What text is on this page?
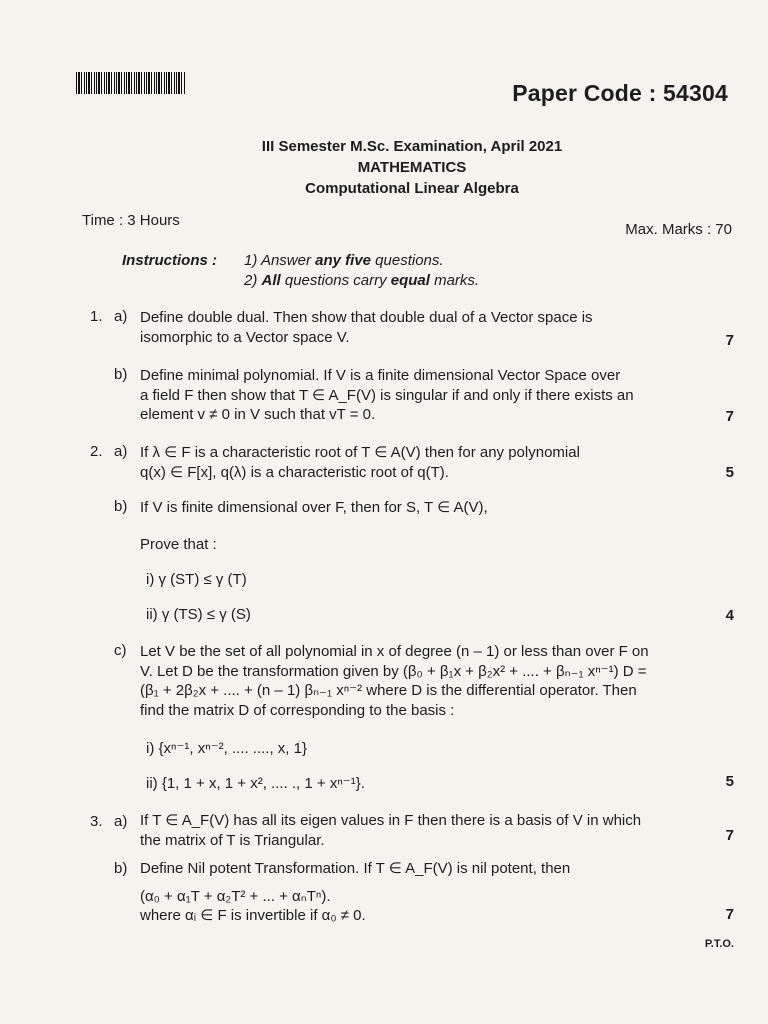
Paper Code : 54304
III Semester M.Sc. Examination, April 2021
MATHEMATICS
Computational Linear Algebra
Time : 3 Hours
Max. Marks : 70
Instructions : 1) Answer any five questions.
2) All questions carry equal marks.
1. a) Define double dual. Then show that double dual of a Vector space is
isomorphic to a Vector space V.	7
b) Define minimal polynomial. If V is a finite dimensional Vector Space over
a field F then show that T ∈ A_F(V) is singular if and only if there exists an
element v ≠ 0 in V such that vT = 0.	7
2. a) If λ ∈ F is a characteristic root of T ∈ A(V) then for any polynomial
q(x) ∈ F[x], q(λ) is a characteristic root of q(T).	5
b) If V is finite dimensional over F, then for S, T ∈ A(V),
Prove that :
i) γ (ST) ≤ γ (T)
ii) γ (TS) ≤ γ (S)	4
c) Let V be the set of all polynomial in x of degree (n – 1) or less than over F on
V. Let D be the transformation given by (β₀ + β₁x + β₂x² + .... + βₙ₋₁ xⁿ⁻¹) D =
(β₁ + 2β₂x + .... + (n – 1) βₙ₋₁ xⁿ⁻² where D is the differential operator. Then
find the matrix D of corresponding to the basis :
i) {xⁿ⁻¹, xⁿ⁻², .... ...., x, 1}
ii) {1, 1 + x, 1 + x², .... ., 1 + xⁿ⁻¹}.	5
3. a) If T ∈ A_F(V) has all its eigen values in F then there is a basis of V in which
the matrix of T is Triangular.	7
b) Define Nil potent Transformation. If T ∈ A_F(V) is nil potent, then
(α₀ + α₁T + α₂T² + ... + αₙTⁿ).
where αᵢ ∈ F is invertible if α₀ ≠ 0.	7
P.T.O.
